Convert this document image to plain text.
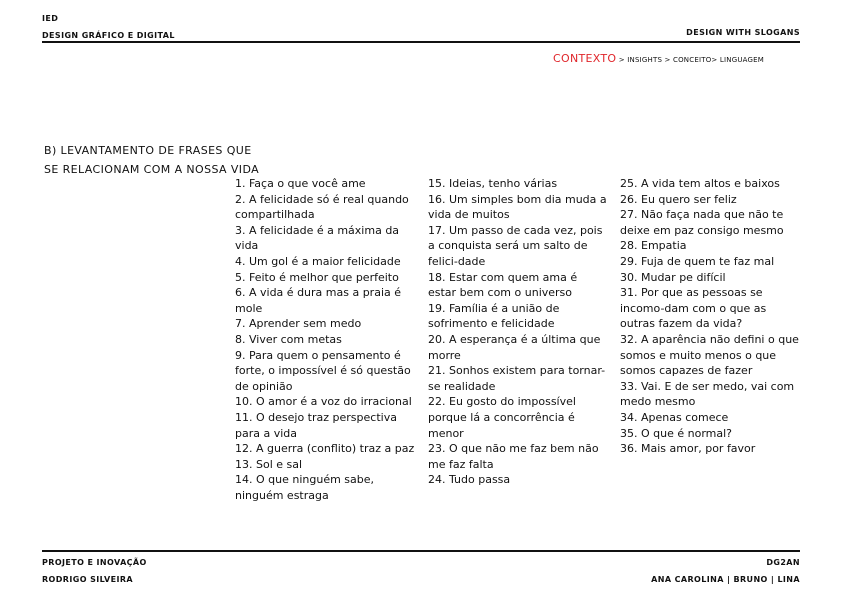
IED
DESIGN GRÁFICO E DIGITAL	DESIGN WITH SLOGANS
CONTEXTO > INSIGHTS > CONCEITO> LINGUAGEM
B) LEVANTAMENTO DE FRASES QUE
SE RELACIONAM COM A NOSSA VIDA
1. Faça o que você ame
2. A felicidade só é real quando compartilhada
3. A felicidade é a máxima da vida
4. Um gol é a maior felicidade
5. Feito é melhor que perfeito
6. A vida é dura mas a praia é mole
7. Aprender sem medo
8. Viver com metas
9. Para quem o pensamento é forte, o impossível é só questão de opinião
10. O amor é a voz do irracional
11. O desejo traz perspectiva para a vida
12. A guerra (conflito) traz a paz
13. Sol e sal
14. O que ninguém sabe, ninguém estraga
15. Ideias, tenho várias
16. Um simples bom dia muda a vida de muitos
17. Um passo de cada vez, pois a conquista será um salto de felici-dade
18. Estar com quem ama é estar bem com o universo
19. Família é a união de sofrimento e felicidade
20. A esperança é a última que morre
21. Sonhos existem para tornar-se realidade
22. Eu gosto do impossível porque lá a concorrência é menor
23. O que não me faz bem não me faz falta
24. Tudo passa
25. A vida tem altos e baixos
26. Eu quero ser feliz
27. Não faça nada que não te deixe em paz consigo mesmo
28. Empatia
29. Fuja de quem te faz mal
30. Mudar pe difícil
31. Por que as pessoas se incomo-dam com o que as outras fazem da vida?
32. A aparência não defini o que somos e muito menos o que somos capazes de fazer
33. Vai. E de ser medo, vai com medo mesmo
34. Apenas comece
35. O que é normal?
36. Mais amor, por favor
PROJETO E INOVAÇÃO
RODRIGO SILVEIRA
DG2AN
ANA CAROLINA | BRUNO | LINA
